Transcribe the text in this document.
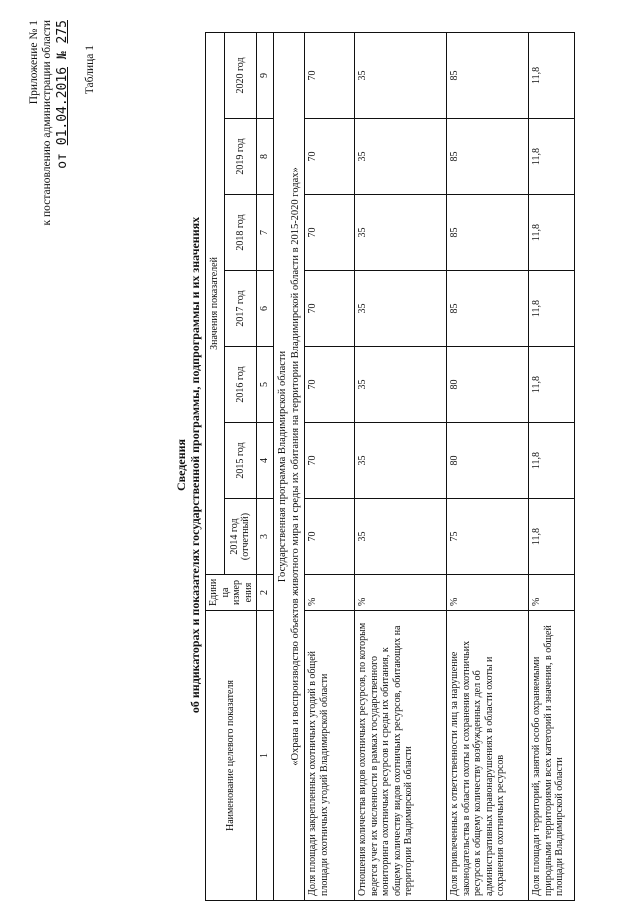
Приложение № 1 к постановлению администрации области от 01.04.2016 № 275
Таблица 1
Сведения об индикаторах и показателях государственной программы, подпрограммы и их значениях
Наименование целевого показателя	Едини ца измер ения	Значения показателей						
		2014 год (отчетный)	2015 год	2016 год	2017 год	2018 год	2019 год	2020 год
1	2	3	4	5	6	7	8	9

Государственная программа Владимирской области «Охрана и воспроизводство объектов животного мира и среды их обитания на территории Владимирской области в 2015-2020 годах»								

Доля площади закрепленных охотничьих угодий в общей площади охотничьих угодий Владимирской области	%	70	70	70	70	70	70	70
Отношения количества видов охотничьих ресурсов, по которым ведется учет их численности в рамках государственного мониторинга охотничьих ресурсов и среды их обитания, к общему количеству видов охотничьих ресурсов, обитающих на территории Владимирской области	%	35	35	35	35	35	35	35
Доля привлеченных к ответственности лиц за нарушение законодательства в области охоты и сохранения охотничьих ресурсов к общему количеству возбужденных дел об административных правонарушениях в области охоты и сохранения охотничьих ресурсов	%	75	80	80	85	85	85	85
Доля площади территорий, занятой особо охраняемыми природными территориями всех категорий и значения, в общей площади Владимирской области	%	11,8	11,8	11,8	11,8	11,8	11,8	11,8
